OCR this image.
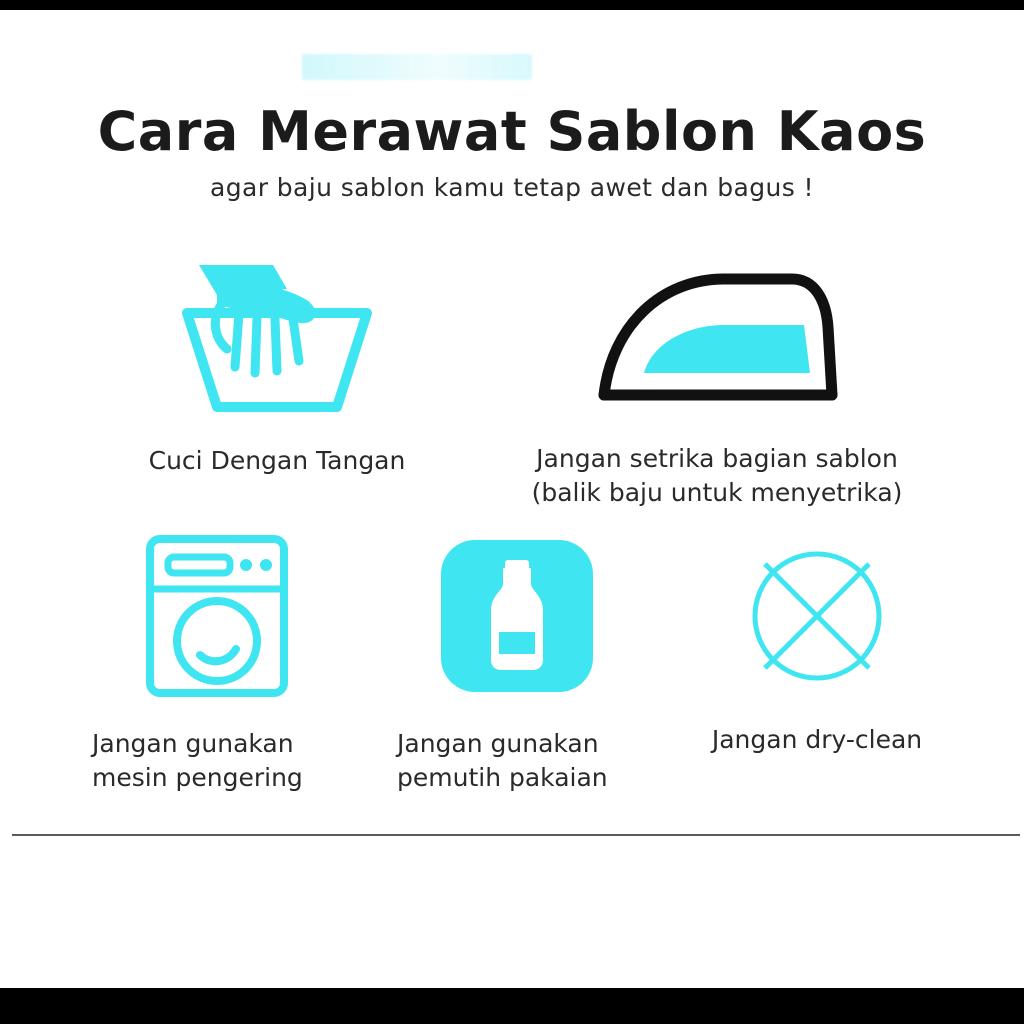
Cara Merawat Sablon Kaos
agar baju sablon kamu tetap awet dan bagus !
Cuci Dengan Tangan	Jangan setrika bagian sablon
(balik baju untuk menyetrika)
Jangan gunakan
mesin pengering
Jangan gunakan
pemutih pakaian
Jangan dry-clean
